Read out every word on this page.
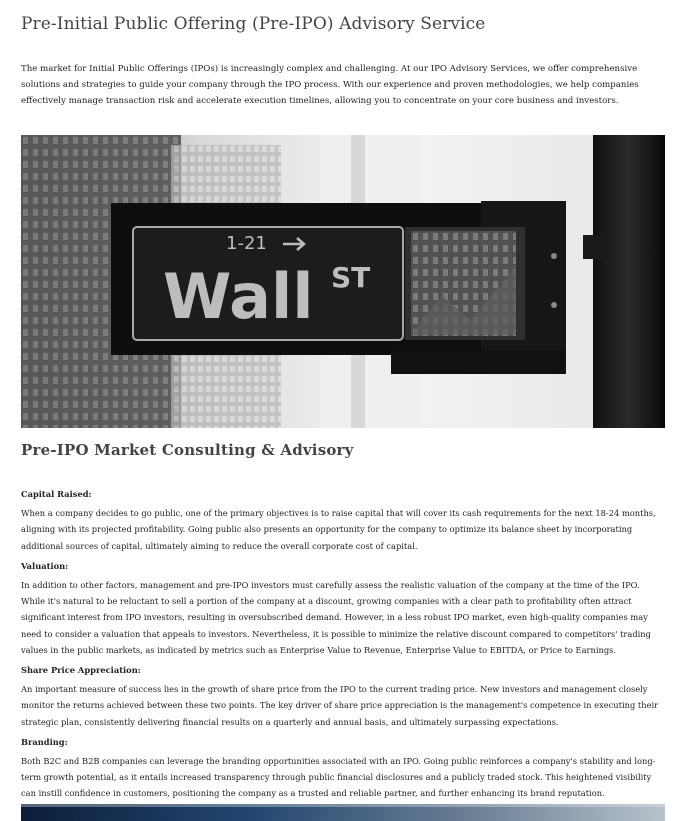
Pre-Initial Public Offering (Pre-IPO) Advisory Service

The market for Initial Public Offerings (IPOs) is increasingly complex and challenging. At our IPO Advisory Services, we offer comprehensive solutions and strategies to guide your company through the IPO process. With our experience and proven methodologies, we help companies effectively manage transaction risk and accelerate execution timelines, allowing you to concentrate on your core business and investors.

Wall ST
1-21
Pre-IPO Market Consulting & Advisory

Capital Raised:

When a company decides to go public, one of the primary objectives is to raise capital that will cover its cash requirements for the next 18-24 months, aligning with its projected profitability. Going public also presents an opportunity for the company to optimize its balance sheet by incorporating additional sources of capital, ultimately aiming to reduce the overall corporate cost of capital.

Valuation:

In addition to other factors, management and pre-IPO investors must carefully assess the realistic valuation of the company at the time of the IPO. While it's natural to be reluctant to sell a portion of the company at a discount, growing companies with a clear path to profitability often attract significant interest from IPO investors, resulting in oversubscribed demand. However, in a less robust IPO market, even high-quality companies may need to consider a valuation that appeals to investors. Nevertheless, it is possible to minimize the relative discount compared to competitors' trading values in the public markets, as indicated by metrics such as Enterprise Value to Revenue, Enterprise Value to EBITDA, or Price to Earnings.

Share Price Appreciation:

An important measure of success lies in the growth of share price from the IPO to the current trading price. New investors and management closely monitor the returns achieved between these two points. The key driver of share price appreciation is the management's competence in executing their strategic plan, consistently delivering financial results on a quarterly and annual basis, and ultimately surpassing expectations.

Branding:

Both B2C and B2B companies can leverage the branding opportunities associated with an IPO. Going public reinforces a company's stability and long-term growth potential, as it entails increased transparency through public financial disclosures and a publicly traded stock. This heightened visibility can instill confidence in customers, positioning the company as a trusted and reliable partner, and further enhancing its brand reputation.
